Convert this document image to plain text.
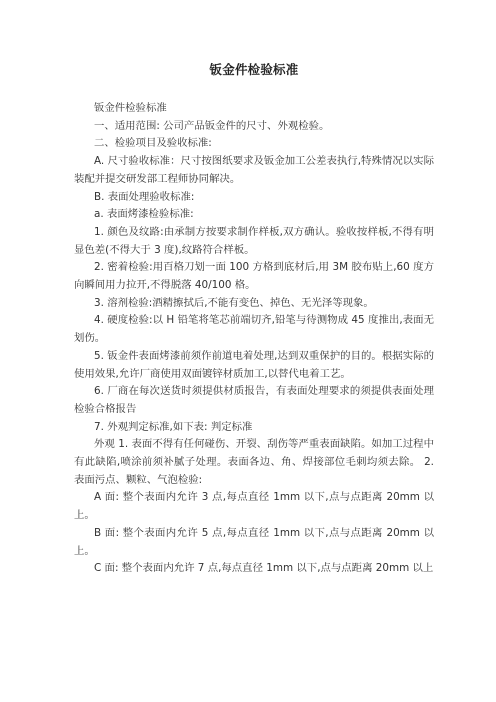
钣金件检验标准

钣金件检验标准

一、适用范围: 公司产品钣金件的尺寸、外观检验。

二、检验项目及验收标准:

A. 尺寸验收标准：尺寸按图纸要求及钣金加工公差表执行,特殊情况以实际装配并提交研发部工程师协同解决。

B. 表面处理验收标准:

a. 表面烤漆检验标准:

1. 颜色及纹路:由承制方按要求制作样板,双方确认。验收按样板,不得有明显色差(不得大于 3 度),纹路符合样板。

2. 密着检验:用百格刀划一面 100 方格到底材后,用 3M 胶布贴上,60 度方向瞬间用力拉开,不得脱落 40/100 格。

3. 溶剂检验:酒精擦拭后,不能有变色、掉色、无光泽等现象。

4. 硬度检验:以 H 铅笔将笔芯前端切齐,铅笔与待测物成 45 度推出,表面无划伤。

5. 钣金件表面烤漆前须作前道电着处理,达到双重保护的目的。根据实际的使用效果,允许厂商使用双面镀锌材质加工,以替代电着工艺。

6. 厂商在每次送货时须提供材质报告，有表面处理要求的须提供表面处理检验合格报告

7. 外观判定标准,如下表: 判定标准

外观 1. 表面不得有任何碰伤、开裂、刮伤等严重表面缺陷。如加工过程中有此缺陷,喷涂前须补腻子处理。表面各边、角、焊接部位毛刺均须去除。 2. 表面污点、颗粒、气泡检验:

A 面: 整个表面内允许 3 点,每点直径 1mm 以下,点与点距离 20mm 以上。

B 面: 整个表面内允许 5 点,每点直径 1mm 以下,点与点距离 20mm 以上。

C 面: 整个表面内允许 7 点,每点直径 1mm 以下,点与点距离 20mm 以上
